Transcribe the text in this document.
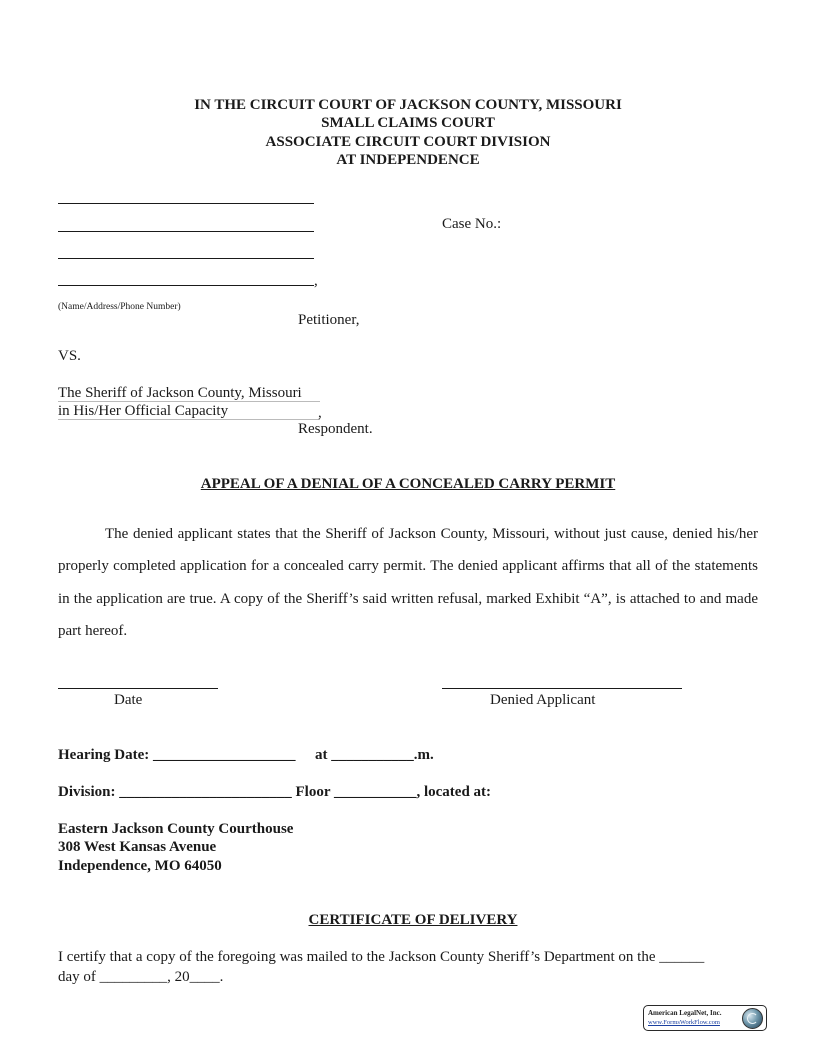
IN THE CIRCUIT COURT OF JACKSON COUNTY, MISSOURI
SMALL CLAIMS COURT
ASSOCIATE CIRCUIT COURT DIVISION
AT INDEPENDENCE
,
(Name/Address/Phone Number)
Case No.:
Petitioner,
VS.
The Sheriff of Jackson County, Missouri
in His/Her Official Capacity	,
Respondent.
APPEAL OF A DENIAL OF A CONCEALED CARRY PERMIT
The denied applicant states that the Sheriff of Jackson County, Missouri, without just cause, denied his/her properly completed application for a concealed carry permit. The denied applicant affirms that all of the statements in the application are true. A copy of the Sheriff’s said written refusal, marked Exhibit “A”, is attached to and made part hereof.
Date	Denied Applicant
Hearing Date: ___________________ at ___________.m.
Division: _______________________ Floor ___________, located at:
Eastern Jackson County Courthouse
308 West Kansas Avenue
Independence, MO 64050
CERTIFICATE OF DELIVERY
I certify that a copy of the foregoing was mailed to the Jackson County Sheriff’s Department on the ______
day of _________, 20____.
American LegalNet, Inc.
www.FormsWorkFlow.com
